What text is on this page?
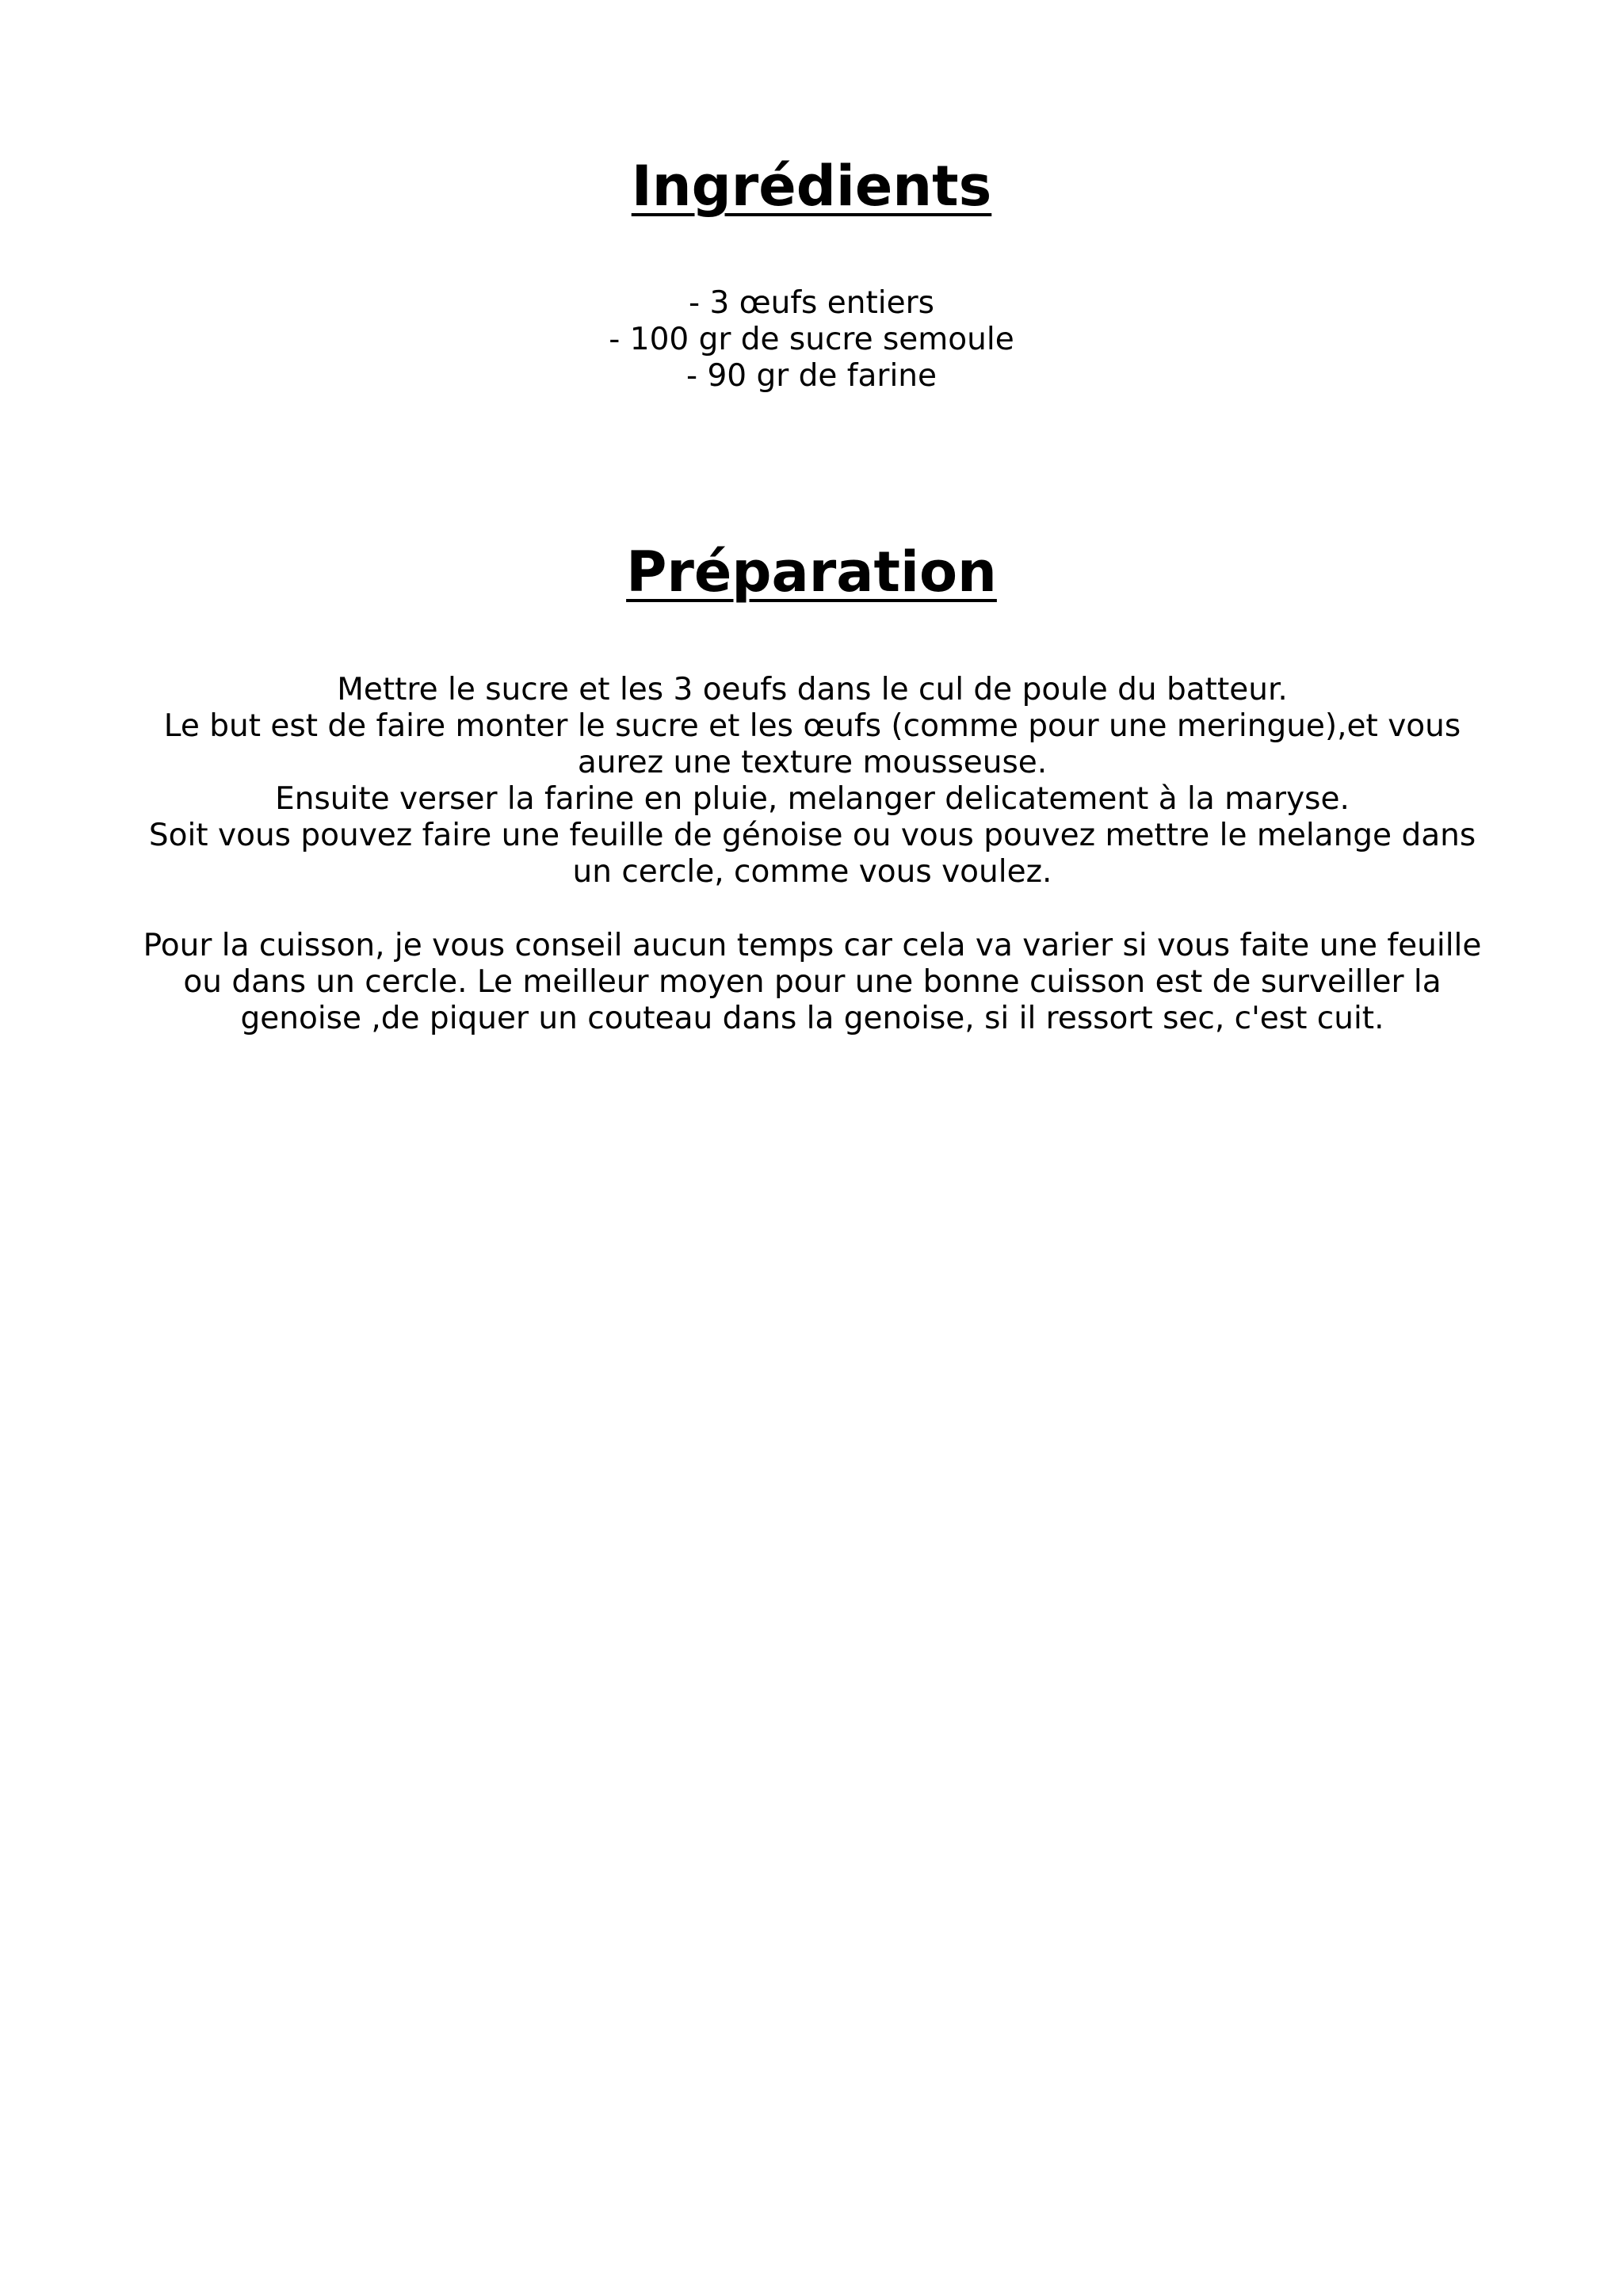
Ingrédients
- 3 œufs entiers
- 100 gr de sucre semoule
- 90 gr de farine
Préparation
Mettre le sucre et les 3 oeufs dans le cul de poule du batteur.
Le but est de faire monter le sucre et les œufs (comme pour une meringue),et vous aurez une texture mousseuse.
Ensuite verser la farine en pluie, melanger delicatement à la maryse.
Soit vous pouvez faire une feuille de génoise ou vous pouvez mettre le melange dans un cercle, comme vous voulez.
Pour la cuisson, je vous conseil aucun temps car cela va varier si vous faite une feuille ou dans un cercle. Le meilleur moyen pour une bonne cuisson est de surveiller la genoise ,de piquer un couteau dans la genoise, si il ressort sec, c'est cuit.
